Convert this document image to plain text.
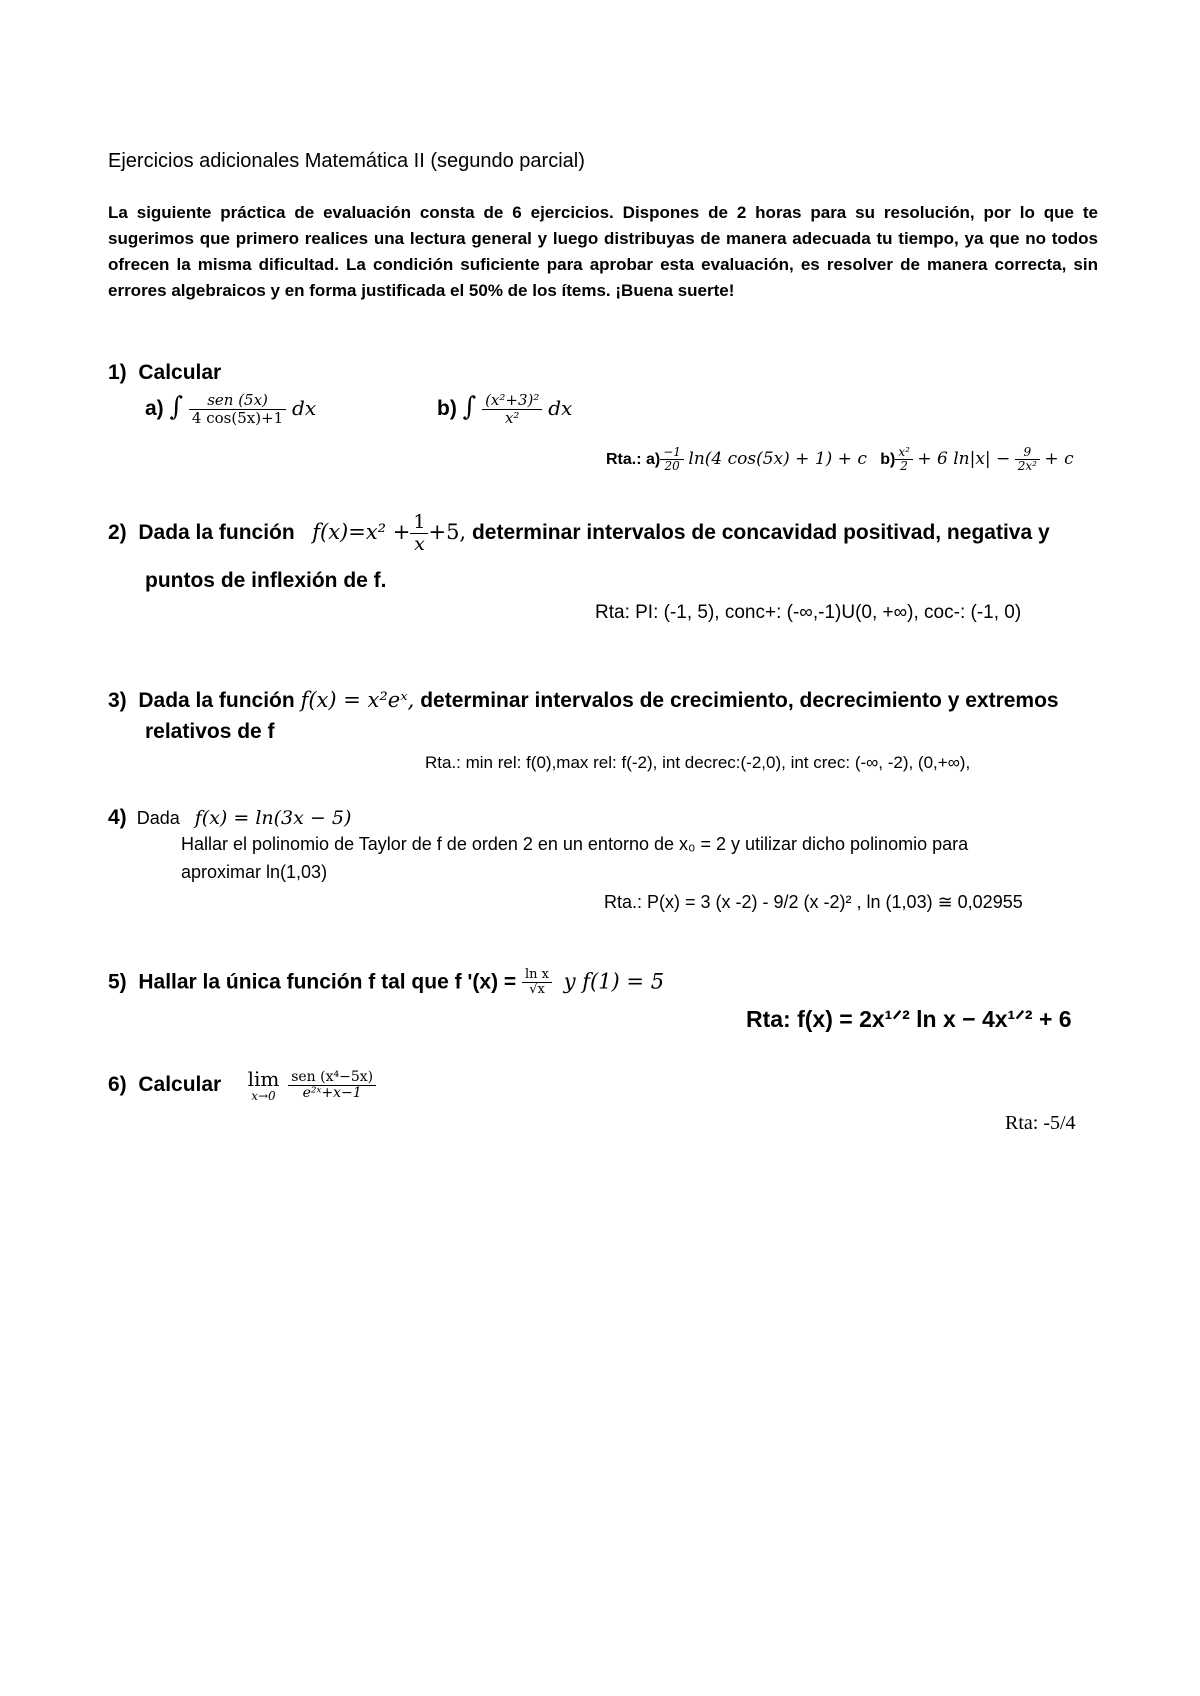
Ejercicios adicionales Matemática II (segundo parcial)
La siguiente práctica de evaluación consta de 6 ejercicios. Dispones de 2 horas para su resolución, por lo que te sugerimos que primero realices una lectura general y luego distribuyas de manera adecuada tu tiempo, ya que no todos ofrecen la misma dificultad. La condición suficiente para aprobar esta evaluación, es resolver de manera correcta, sin errores algebraicos y en forma justificada el 50% de los ítems. ¡Buena suerte!
1) Calcular
a) ∫ $\frac{\text{sen (5x)}}{4 \cos(5x)+1}$ dx	b) ∫ $\frac{\text{(x²+3)²}}{\text{x²}}$ dx
Rta.: $a) \frac{-1}{20} \ln(4$ cos(5x) + 1) + c $b) \frac{\text{x²}}{2} + 6$ $\ln|x| - \frac{9}{\text{2x²}} + c$
2) Dada la función $f(x)=x^2 + \frac{1}{x} +5$, determinar intervalos de concavidad positivad, negativa y
puntos de inflexión de f.
Rta: PI: (-1, 5), conc+: (-∞,-1)U(0, +∞), coc-: (-1, 0)
3) Dada la función f(x) = x²eˣ, determinar intervalos de crecimiento, decrecimiento y extremos
relativos de f
Rta.: min rel: f(0),max rel: f(-2), int decrec:(-2,0), int crec: (-∞, -2), (0,+∞),
4) Dada f(x) = ln(3x − 5)
Hallar el polinomio de Taylor de f de orden 2 en un entorno de x₀ = 2 y utilizar dicho polinomio para
aproximar ln(1,03)
Rta.: P(x) = 3 (x -2) - 9/2 (x -2)² , ln (1,03) ≅ 0,02955
5) Hallar la única función f tal que f '$(x) = \frac{\text{ln x}}{√x}$ y f(1) = 5
Rta: f(x) = 2x¹ᐟ² ln x − 4x¹ᐟ² + 6
6) Calcular lim
x→0
$\frac{\text{sen (x⁴−5x)}}{\text{e²ˣ+x−1}}$
Rta: -5/4
